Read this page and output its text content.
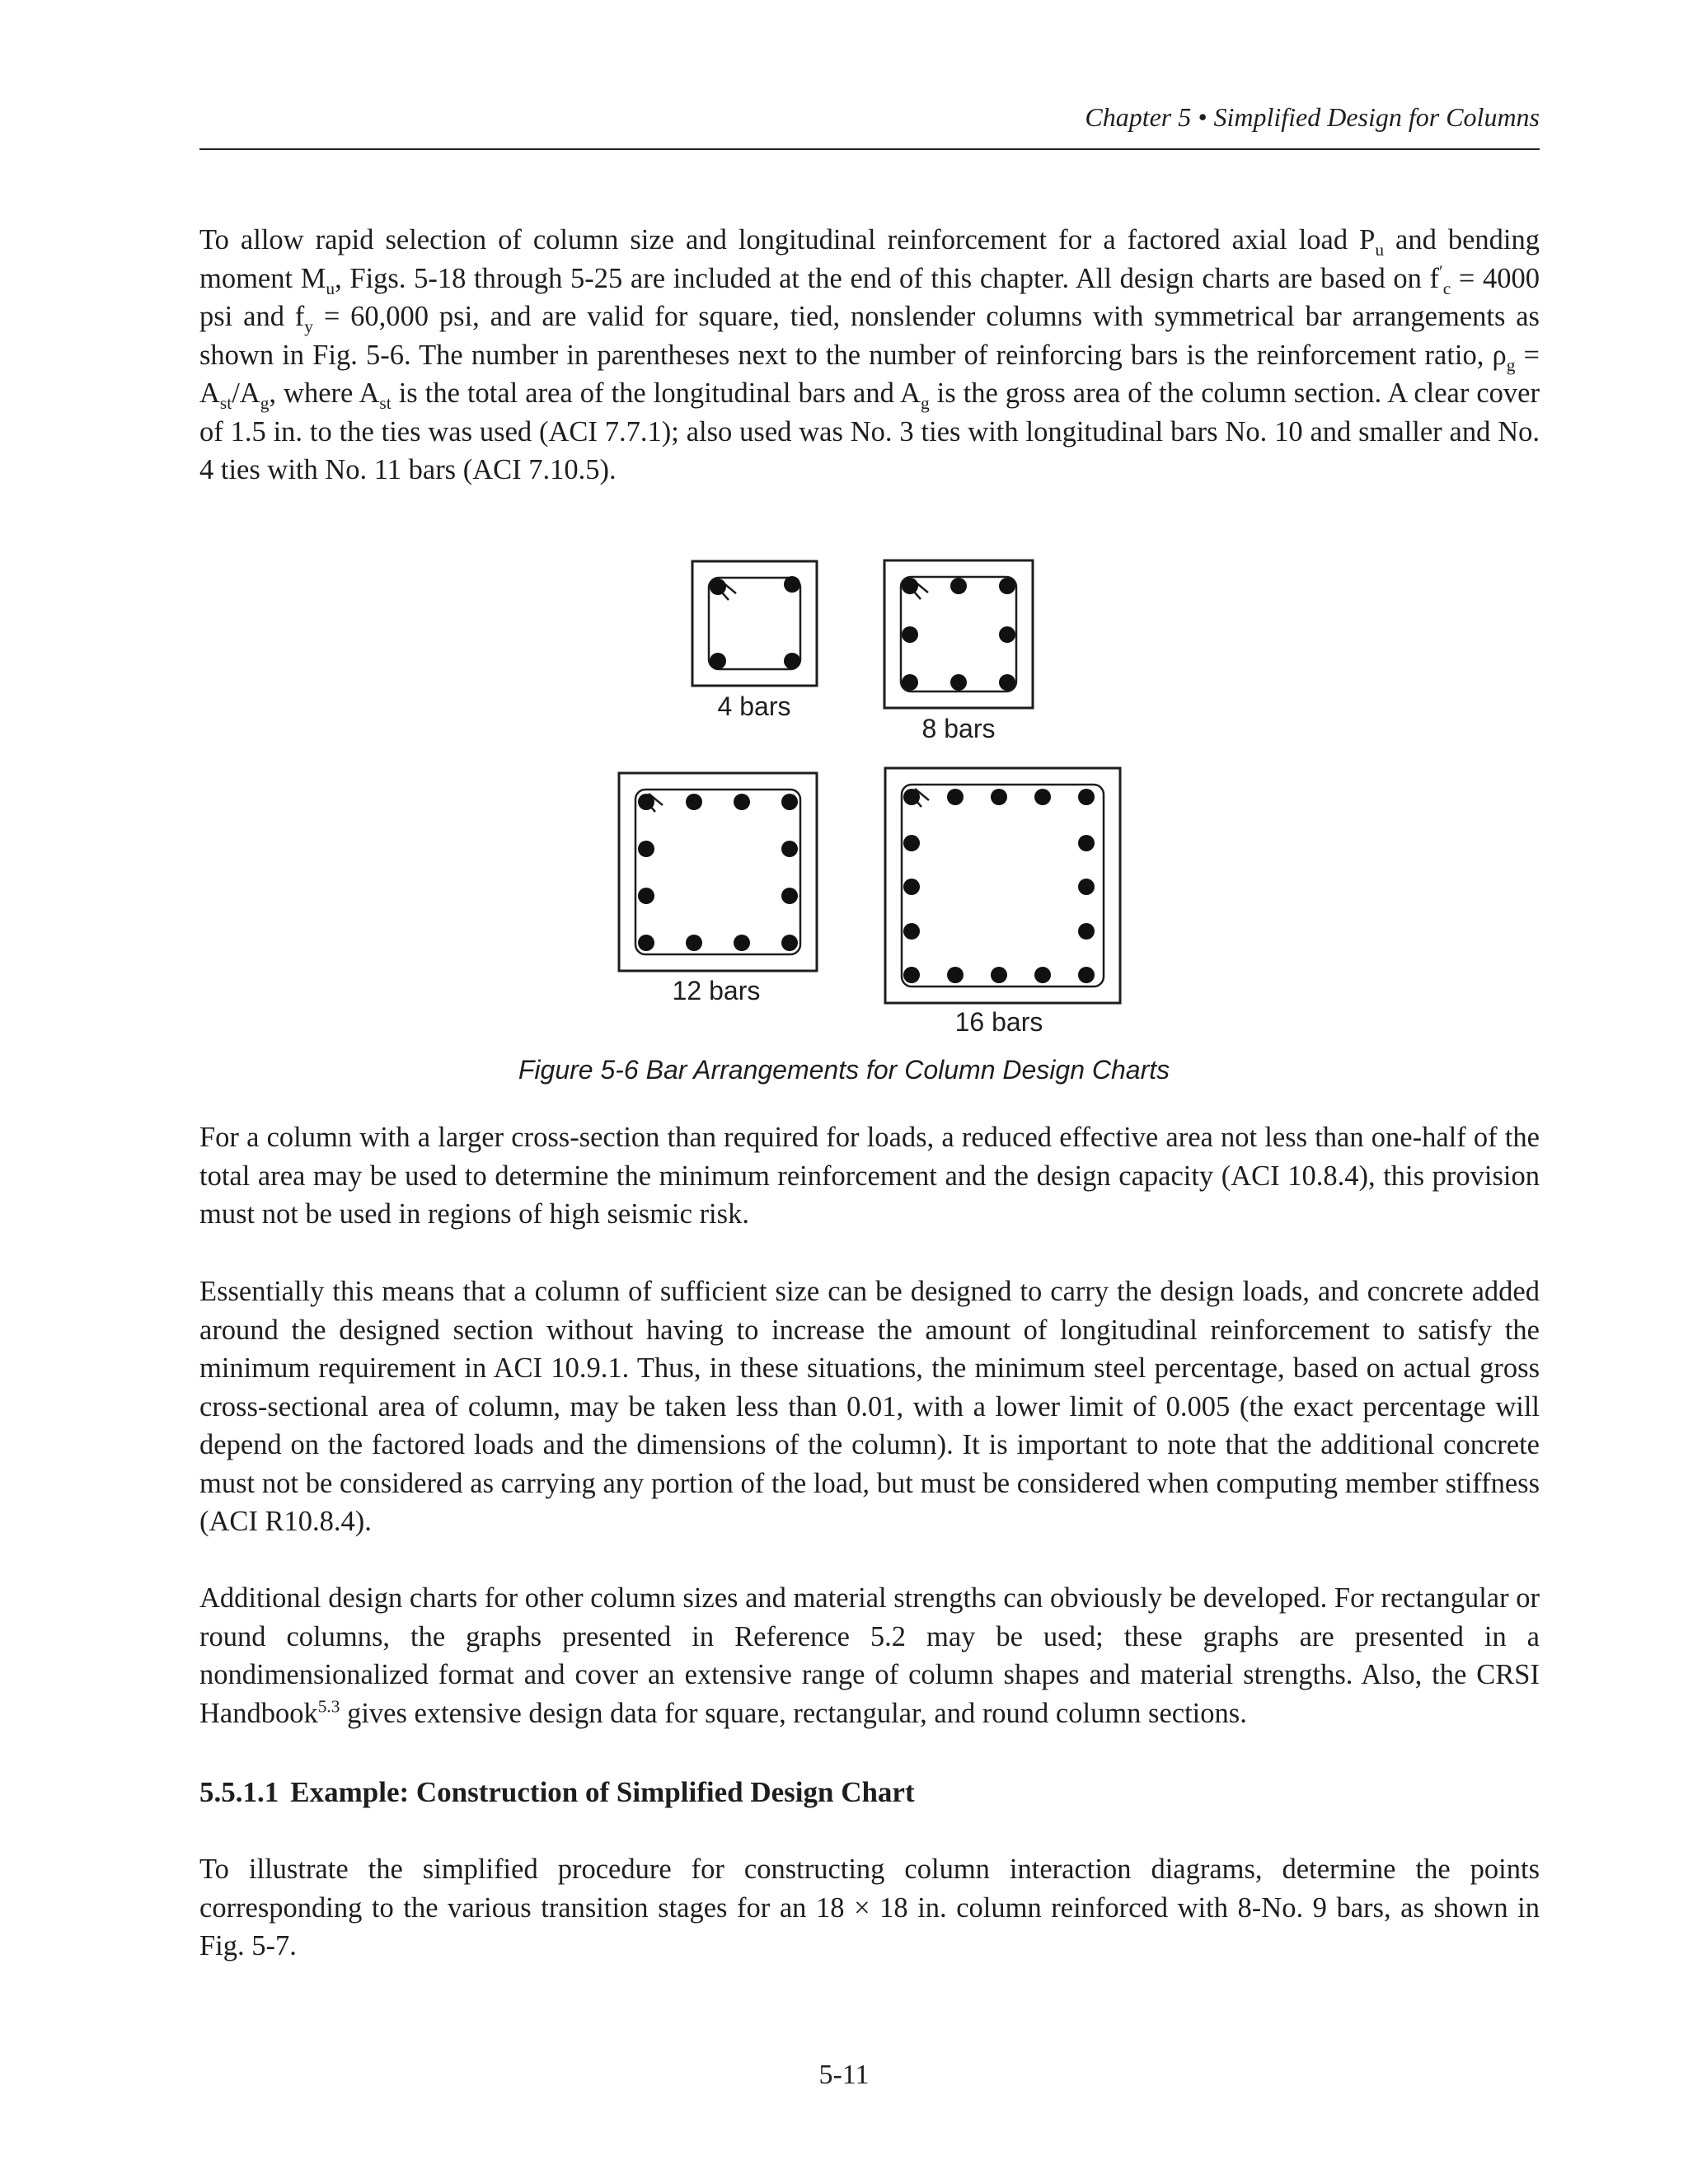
Chapter 5 • Simplified Design for Columns

To allow rapid selection of column size and longitudinal reinforcement for a factored axial load $P_u$ and bending moment $M_u$, Figs. 5-18 through 5-25 are included at the end of this chapter. All design charts are based on $f'_c = 4000$ psi and $f_y = 60,000$ psi, and are valid for square, tied, nonslender columns with symmetrical bar arrangements as shown in Fig. 5-6. The number in parentheses next to the number of reinforcing bars is the reinforcement ratio, $\rho_g = A_{st}/A_g$, where $A_{st}$ is the total area of the longitudinal bars and $A_g$ is the gross area of the column section. A clear cover of 1.5 in. to the ties was used (ACI 7.7.1); also used was No. 3 ties with longitudinal bars No. 10 and smaller and No. 4 ties with No. 11 bars (ACI 7.10.5).

4 bars
8 bars
12 bars
16 bars
Figure 5-6 Bar Arrangements for Column Design Charts

For a column with a larger cross-section than required for loads, a reduced effective area not less than one-half of the total area may be used to determine the minimum reinforcement and the design capacity (ACI 10.8.4), this provision must not be used in regions of high seismic risk.

Essentially this means that a column of sufficient size can be designed to carry the design loads, and concrete added around the designed section without having to increase the amount of longitudinal reinforcement to satisfy the minimum requirement in ACI 10.9.1. Thus, in these situations, the minimum steel percentage, based on actual gross cross-sectional area of column, may be taken less than 0.01, with a lower limit of 0.005 (the exact percentage will depend on the factored loads and the dimensions of the column). It is important to note that the additional concrete must not be considered as carrying any portion of the load, but must be considered when computing member stiffness (ACI R10.8.4).

Additional design charts for other column sizes and material strengths can obviously be developed. For rectangular or round columns, the graphs presented in Reference 5.2 may be used; these graphs are presented in a nondimensionalized format and cover an extensive range of column shapes and material strengths. Also, the CRSI Handbook$^{5.3}$ gives extensive design data for square, rectangular, and round column sections.

5.5.1.1 Example: Construction of Simplified Design Chart

To illustrate the simplified procedure for constructing column interaction diagrams, determine the points corresponding to the various transition stages for an 18 × 18 in. column reinforced with 8-No. 9 bars, as shown in Fig. 5-7.

5-11
